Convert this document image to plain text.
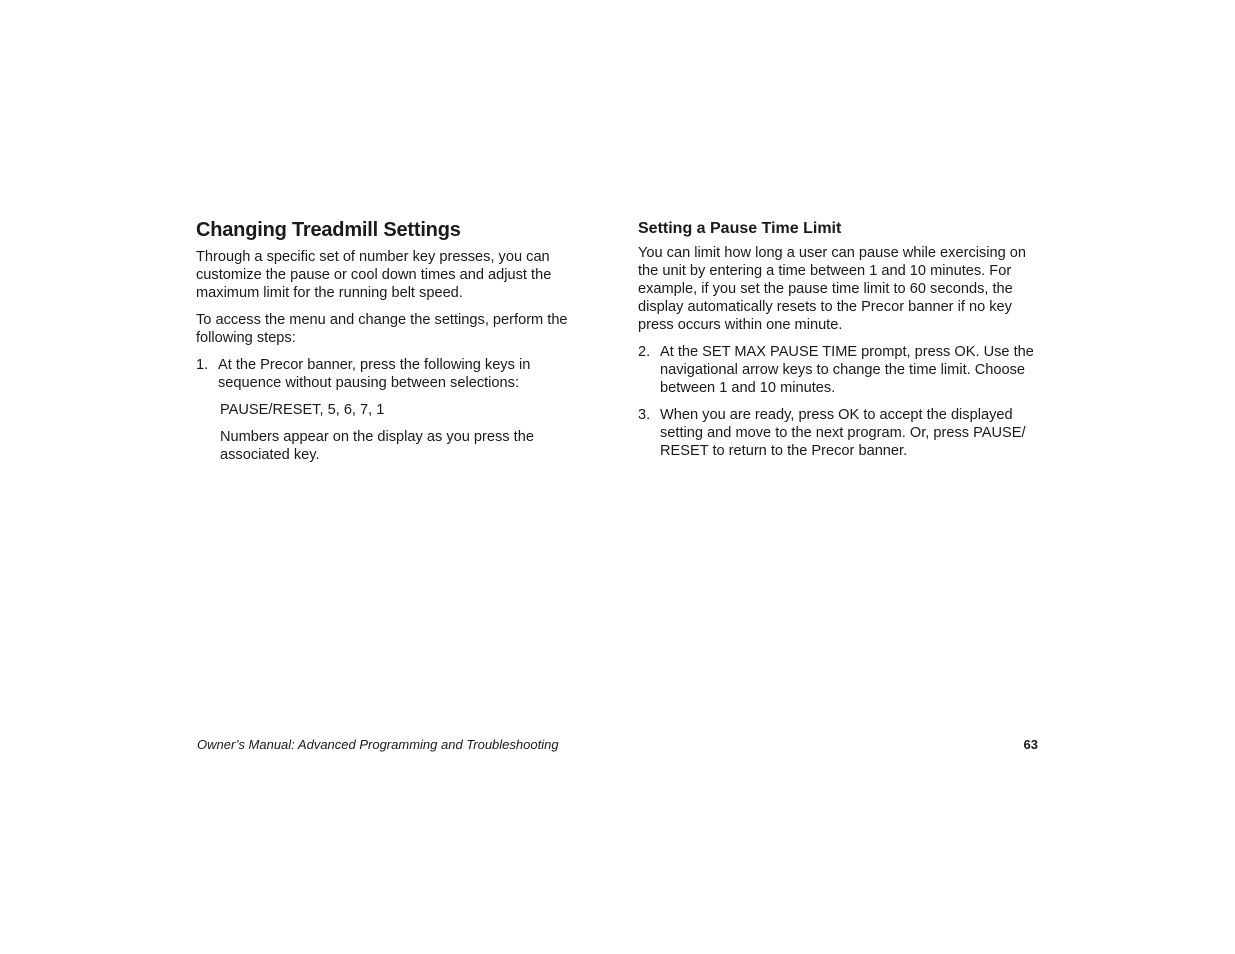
Changing Treadmill Settings

Through a specific set of number key presses, you can customize the pause or cool down times and adjust the maximum limit for the running belt speed.

To access the menu and change the settings, perform the following steps:

1. At the Precor banner, press the following keys in sequence without pausing between selections:

PAUSE/RESET, 5, 6, 7, 1

Numbers appear on the display as you press the associated key.

Setting a Pause Time Limit

You can limit how long a user can pause while exercising on the unit by entering a time between 1 and 10 minutes. For example, if you set the pause time limit to 60 seconds, the display automatically resets to the Precor banner if no key press occurs within one minute.

2. At the SET MAX PAUSE TIME prompt, press OK. Use the navigational arrow keys to change the time limit. Choose between 1 and 10 minutes.
3. When you are ready, press OK to accept the displayed setting and move to the next program. Or, press PAUSE/ RESET to return to the Precor banner.
Owner’s Manual: Advanced Programming and Troubleshooting	63
